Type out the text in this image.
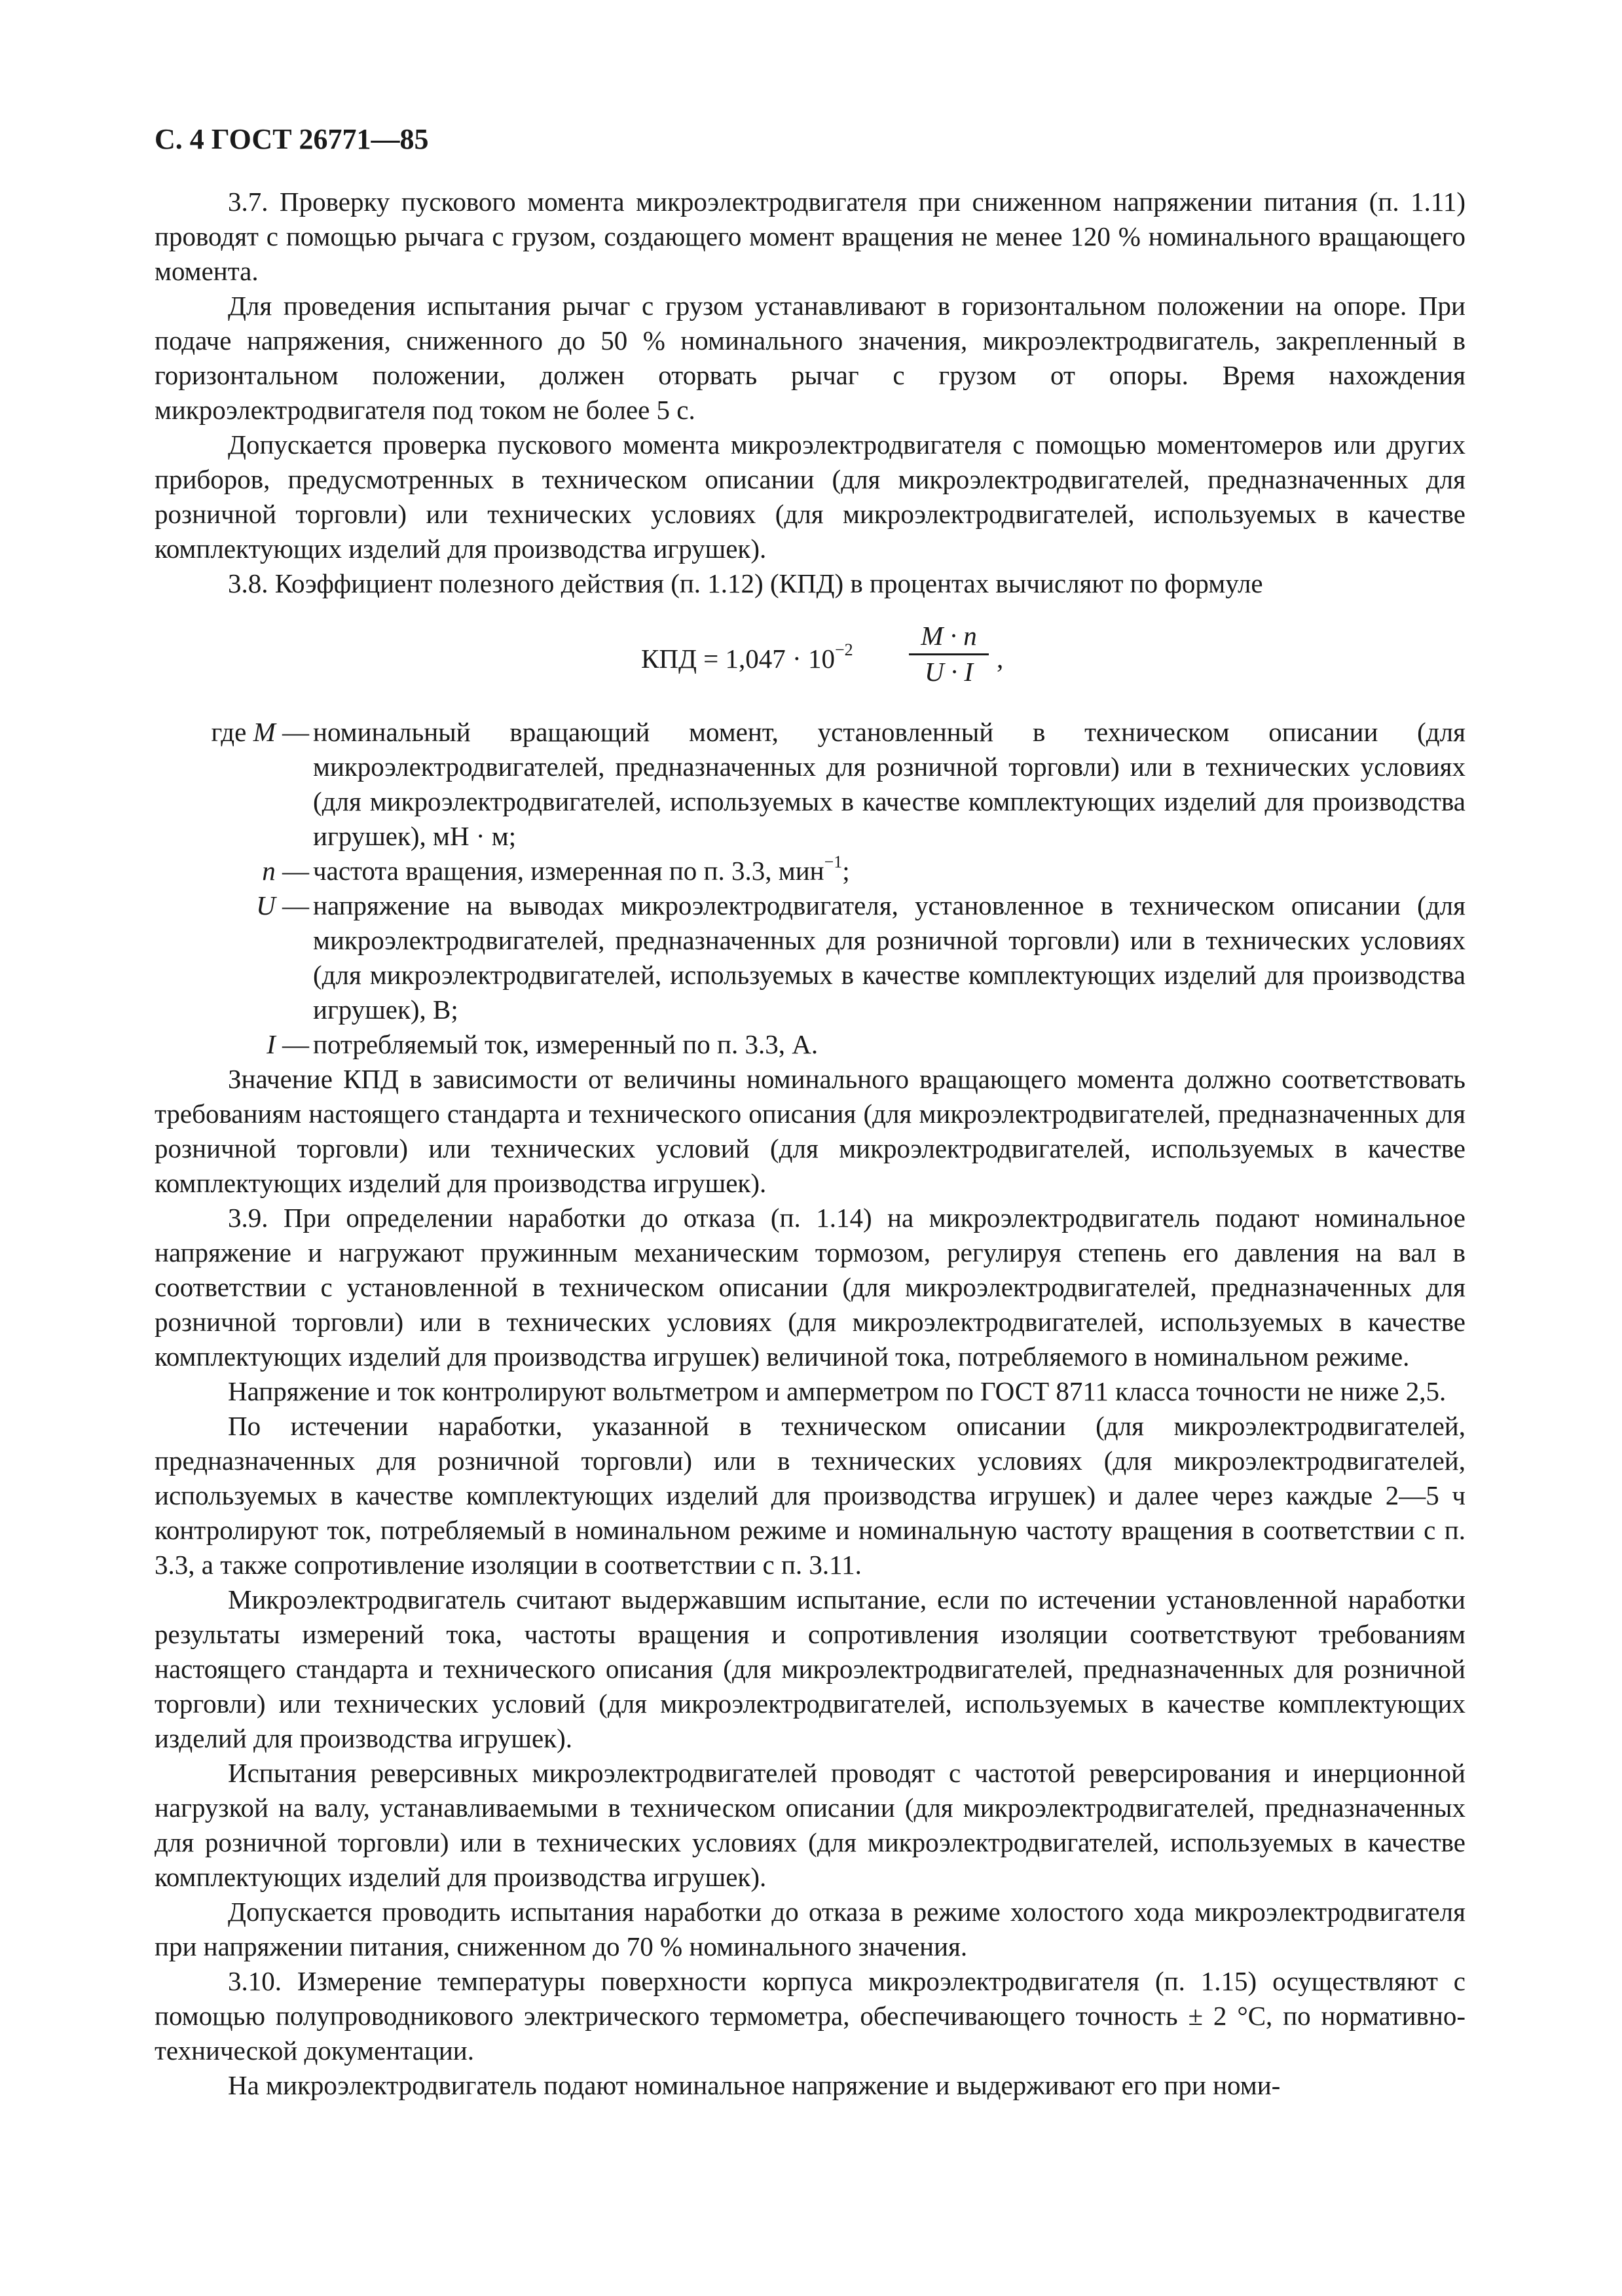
С. 4 ГОСТ 26771—85

3.7. Проверку пускового момента микроэлектродвигателя при сниженном напряжении питания (п. 1.11) проводят с помощью рычага с грузом, создающего момент вращения не менее 120 % номинального вращающего момента.

Для проведения испытания рычаг с грузом устанавливают в горизонтальном положении на опоре. При подаче напряжения, сниженного до 50 % номинального значения, микроэлектродвигатель, закрепленный в горизонтальном положении, должен оторвать рычаг с грузом от опоры. Время нахождения микроэлектродвигателя под током не более 5 с.

Допускается проверка пускового момента микроэлектродвигателя с помощью моментомеров или других приборов, предусмотренных в техническом описании (для микроэлектродвигателей, предназначенных для розничной торговли) или технических условиях (для микроэлектродвигателей, используемых в качестве комплектующих изделий для производства игрушек).

3.8. Коэффициент полезного действия (п. 1.12) (КПД) в процентах вычисляют по формуле

КПД = $1,047 \cdot 10^{-2}$	M · n
U · I ,
где M — номинальный вращающий момент, установленный в техническом описании (для микроэлектродвигателей, предназначенных для розничной торговли) или в технических условиях (для микроэлектродвигателей, используемых в качестве комплектующих изделий для производства игрушек), мН · м;
n — частота вращения, измеренная по п. 3.3, мин$^{-1}$;
U — напряжение на выводах микроэлектродвигателя, установленное в техническом описании (для микроэлектродвигателей, предназначенных для розничной торговли) или в технических условиях (для микроэлектродвигателей, используемых в качестве комплектующих изделий для производства игрушек), В;
I — потребляемый ток, измеренный по п. 3.3, А.

Значение КПД в зависимости от величины номинального вращающего момента должно соответствовать требованиям настоящего стандарта и технического описания (для микроэлектродвигателей, предназначенных для розничной торговли) или технических условий (для микроэлектродвигателей, используемых в качестве комплектующих изделий для производства игрушек).

3.9. При определении наработки до отказа (п. 1.14) на микроэлектродвигатель подают номинальное напряжение и нагружают пружинным механическим тормозом, регулируя степень его давления на вал в соответствии с установленной в техническом описании (для микроэлектродвигателей, предназначенных для розничной торговли) или в технических условиях (для микроэлектродвигателей, используемых в качестве комплектующих изделий для производства игрушек) величиной тока, потребляемого в номинальном режиме.

Напряжение и ток контролируют вольтметром и амперметром по ГОСТ 8711 класса точности не ниже 2,5.

По истечении наработки, указанной в техническом описании (для микроэлектродвигателей, предназначенных для розничной торговли) или в технических условиях (для микроэлектродвигателей, используемых в качестве комплектующих изделий для производства игрушек) и далее через каждые 2—5 ч контролируют ток, потребляемый в номинальном режиме и номинальную частоту вращения в соответствии с п. 3.3, а также сопротивление изоляции в соответствии с п. 3.11.

Микроэлектродвигатель считают выдержавшим испытание, если по истечении установленной наработки результаты измерений тока, частоты вращения и сопротивления изоляции соответствуют требованиям настоящего стандарта и технического описания (для микроэлектродвигателей, предназначенных для розничной торговли) или технических условий (для микроэлектродвигателей, используемых в качестве комплектующих изделий для производства игрушек).

Испытания реверсивных микроэлектродвигателей проводят с частотой реверсирования и инерционной нагрузкой на валу, устанавливаемыми в техническом описании (для микроэлектродвигателей, предназначенных для розничной торговли) или в технических условиях (для микроэлектродвигателей, используемых в качестве комплектующих изделий для производства игрушек).

Допускается проводить испытания наработки до отказа в режиме холостого хода микроэлектродвигателя при напряжении питания, сниженном до 70 % номинального значения.

3.10. Измерение температуры поверхности корпуса микроэлектродвигателя (п. 1.15) осуществляют с помощью полупроводникового электрического термометра, обеспечивающего точность ± 2 °С, по нормативно-технической документации.

На микроэлектродвигатель подают номинальное напряжение и выдерживают его при номи-
